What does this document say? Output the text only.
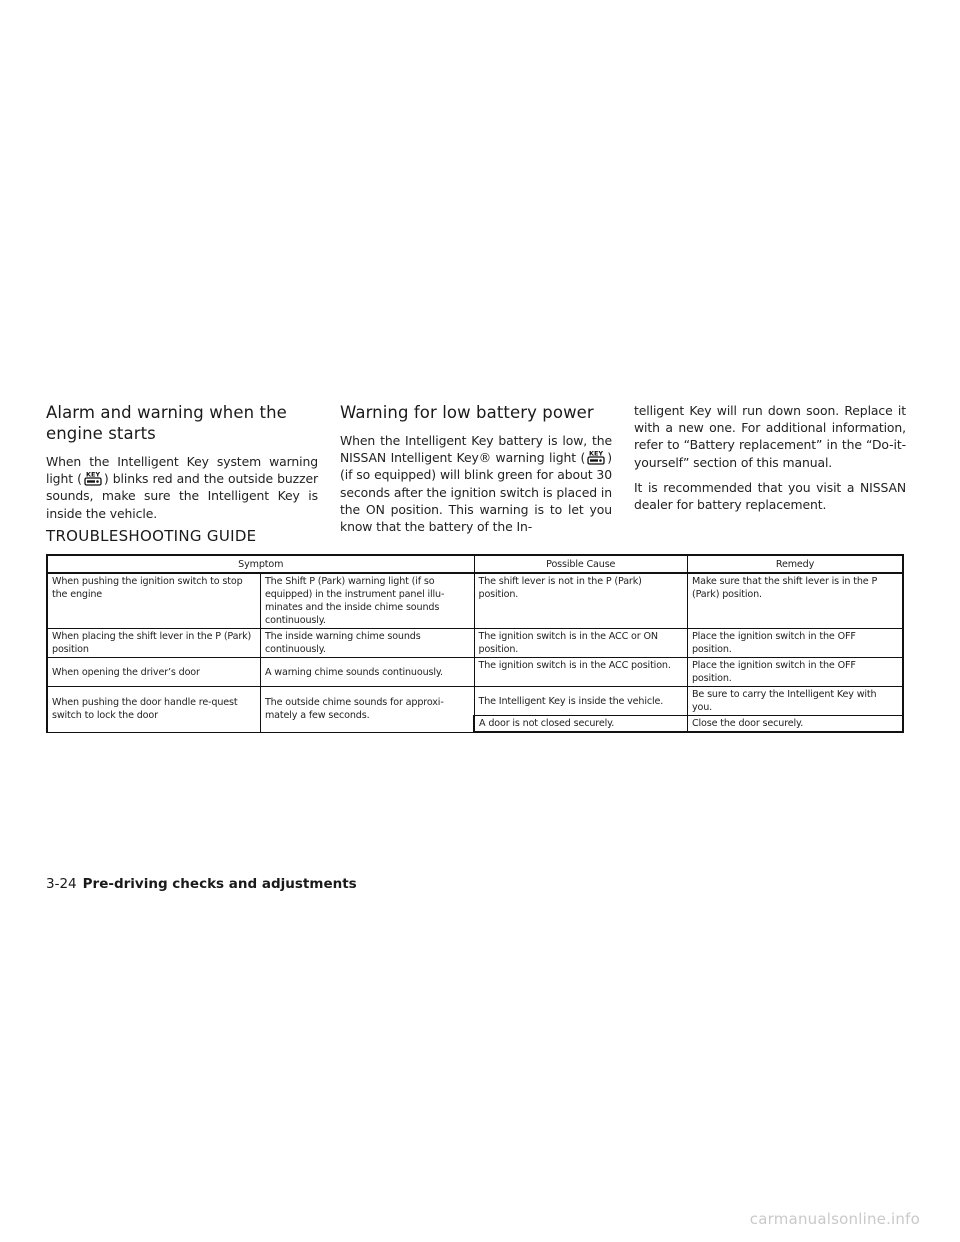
Alarm and warning when the engine starts

When the Intelligent Key system warning light ( KEY ) blinks red and the outside buzzer sounds, make sure the Intelligent Key is inside the vehicle.

Warning for low battery power

When the Intelligent Key battery is low, the NISSAN Intelligent Key® warning light ( KEY ) (if so equipped) will blink green for about 30 seconds after the ignition switch is placed in the ON position. This warning is to let you know that the battery of the In-

telligent Key will run down soon. Replace it with a new one. For additional information, refer to “Battery replacement” in the “Do-it-yourself” section of this manual.

It is recommended that you visit a NISSAN dealer for battery replacement.

TROUBLESHOOTING GUIDE
Symptom		Possible Cause	Remedy
When pushing the ignition switch to stop the engine	The Shift P (Park) warning light (if so equipped) in the instrument panel illu-minates and the inside chime sounds continuously.	The shift lever is not in the P (Park) position.	Make sure that the shift lever is in the P (Park) position.
When placing the shift lever in the P (Park) position	The inside warning chime sounds continuously.	The ignition switch is in the ACC or ON position.	Place the ignition switch in the OFF position.
When opening the driver’s door	A warning chime sounds continuously.	The ignition switch is in the ACC position.	Place the ignition switch in the OFF position.
When pushing the door handle re-quest switch to lock the door	The outside chime sounds for approxi-mately a few seconds.	The Intelligent Key is inside the vehicle.	Be sure to carry the Intelligent Key with you.
		A door is not closed securely.	Close the door securely.
3-24 Pre-driving checks and adjustments
carmanualsonline.info
